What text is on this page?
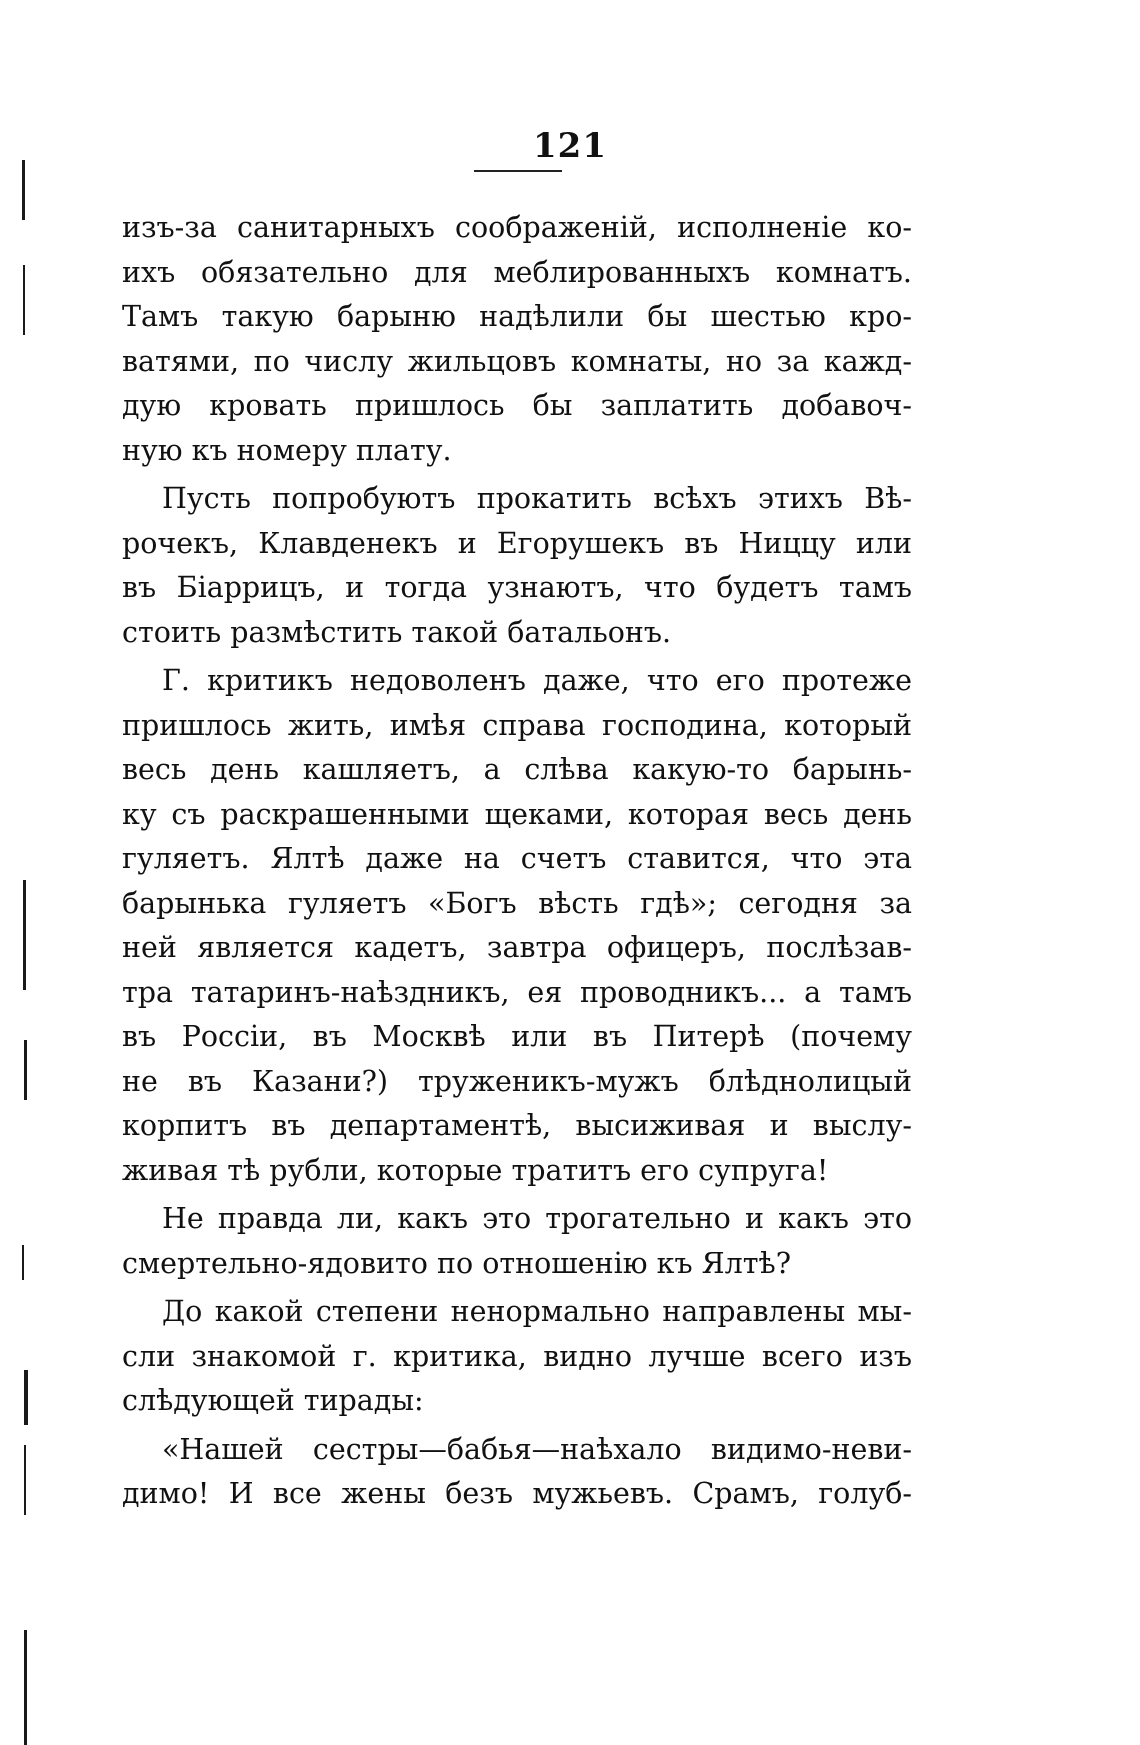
121
изъ-за санитарныхъ соображенiй, исполненiе ко-
ихъ обязательно для меблированныхъ комнатъ.
Тамъ такую барыню надѣлили бы шестью кро-
ватями, по числу жильцовъ комнаты, но за кажд-
дую кровать пришлось бы заплатить добавоч-
ную къ номеру плату.
Пусть попробуютъ прокатить всѣхъ этихъ Вѣ-
рочекъ, Клавденекъ и Егорушекъ въ Ниццу или
въ Бiаррицъ, и тогда узнаютъ, что будетъ тамъ
стоить размѣстить такой батальонъ.
Г. критикъ недоволенъ даже, что его протеже
пришлось жить, имѣя справа господина, который
весь день кашляетъ, а слѣва какую-то барынь-
ку съ раскрашенными щеками, которая весь день
гуляетъ. Ялтѣ даже на счетъ ставится, что эта
барынька гуляетъ «Богъ вѣсть гдѣ»; сегодня за
ней является кадетъ, завтра офицеръ, послѣзав-
тра татаринъ-наѣздникъ, ея проводникъ... а тамъ
въ Россiи, въ Москвѣ или въ Питерѣ (почему
не въ Казани?) труженикъ-мужъ блѣднолицый
корпитъ въ департаментѣ, высиживая и выслу-
живая тѣ рубли, которые тратитъ его супруга!
Не правда ли, какъ это трогательно и какъ это
смертельно-ядовито по отношенiю къ Ялтѣ?
До какой степени ненормально направлены мы-
сли знакомой г. критика, видно лучше всего изъ
слѣдующей тирады:
«Нашей сестры—бабья—наѣхало видимо-неви-
димо! И все жены безъ мужьевъ. Срамъ, голуб-
